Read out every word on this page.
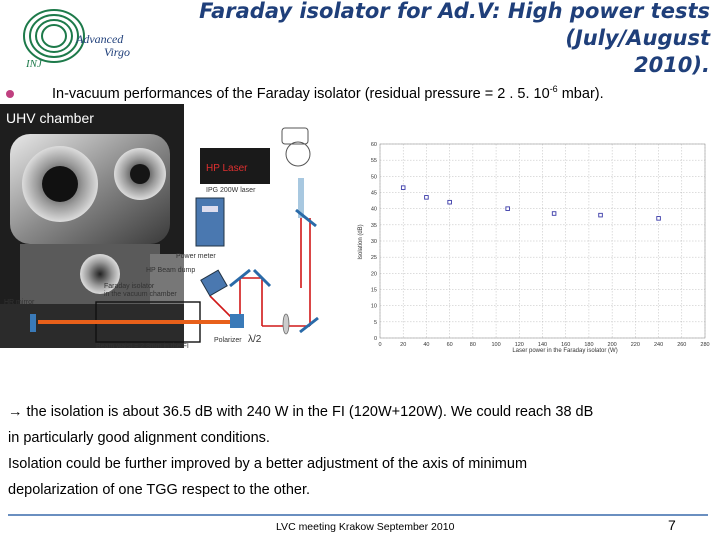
Advanced
Virgo
INJ
Faraday isolator for Ad.V: High power tests (July/August
2010).
In-vacuum performances of the Faraday isolator (residual pressure = 2 . 5. $10^{-6}$ mbar).
UHV chamber
HP Laser
IPG 200W laser
Power meter
HP Beam dump
Faraday isolator
in the vacuum chamber
HR mirror
Polarizer λ/2
Beam waist = 2.8mm in the FI	0	20	40	60	80	100	120	140	160	180	200	220	240	260	280
0
5
10
15
20
25
30
35
40
45
50
55
60
Laser power in the Faraday isolator (W)
Isolation (dB)
→ the isolation is about 36.5 dB with 240 W in the FI (120W+120W). We could reach 38 dB
in particularly good alignment conditions.
Isolation could be further improved by a better adjustment of the axis of minimum
depolarization of one TGG respect to the other.
LVC meeting Krakow September 2010	7
